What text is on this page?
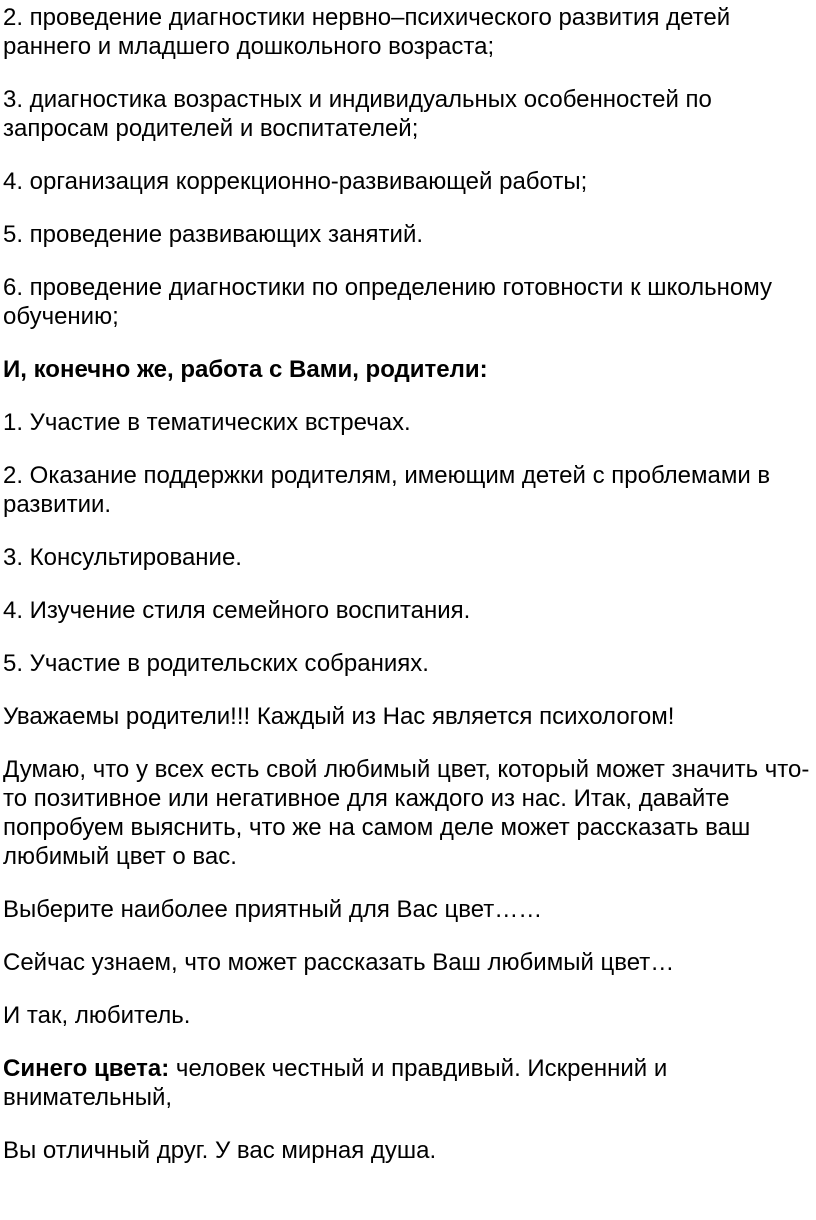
2. проведение диагностики нервно–психического развития детей раннего и младшего дошкольного возраста;

3. диагностика возрастных и индивидуальных особенностей по запросам родителей и воспитателей;

4. организация коррекционно-развивающей работы;

5. проведение развивающих занятий.

6. проведение диагностики по определению готовности к школьному обучению;

И, конечно же, работа с Вами, родители:

1. Участие в тематических встречах.

2. Оказание поддержки родителям, имеющим детей с проблемами в развитии.

3. Консультирование.

4. Изучение стиля семейного воспитания.

5. Участие в родительских собраниях.

Уважаемы родители!!! Каждый из Нас является психологом!

Думаю, что у всех есть свой любимый цвет, который может значить что-то позитивное или негативное для каждого из нас. Итак, давайте попробуем выяснить, что же на самом деле может рассказать ваш любимый цвет о вас.

Выберите наиболее приятный для Вас цвет……

Сейчас узнаем, что может рассказать Ваш любимый цвет…

И так, любитель.

Синего цвета: человек честный и правдивый. Искренний и внимательный,

Вы отличный друг. У вас мирная душа.
